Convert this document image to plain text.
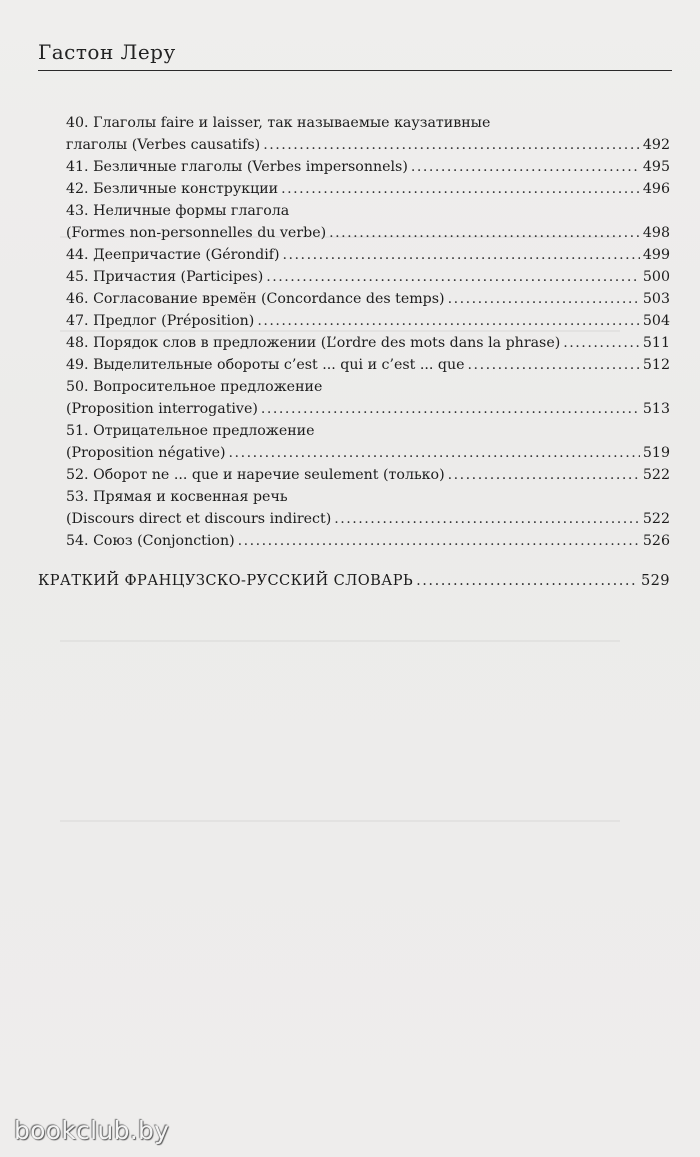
Гастон Леру
40. Глаголы faire и laisser, так называемые каузативные
глаголы (Verbes causatifs) .....	492
41. Безличные глаголы (Verbes impersonnels) .....	495
42. Безличные конструкции .....	496
43. Неличные формы глагола
(Formes non-personnelles du verbe) .....	498
44. Деепричастие (Gérondif) .....	499
45. Причастия (Participes) .....	500
46. Согласование времён (Concordance des temps) .....	503
47. Предлог (Préposition) .....	504
48. Порядок слов в предложении (L’ordre des mots dans la phrase) .....	511
49. Выделительные обороты c’est ... qui и c’est ... que .....	512
50. Вопросительное предложение
(Proposition interrogative) .....	513
51. Отрицательное предложение
(Proposition négative) .....	519
52. Оборот ne ... que и наречие seulement (только) .....	522
53. Прямая и косвенная речь
(Discours direct et discours indirect) .....	522
54. Союз (Conjonction) .....	526
КРАТКИЙ ФРАНЦУЗСКО-РУССКИЙ СЛОВАРЬ .....	529
bookclub.by
